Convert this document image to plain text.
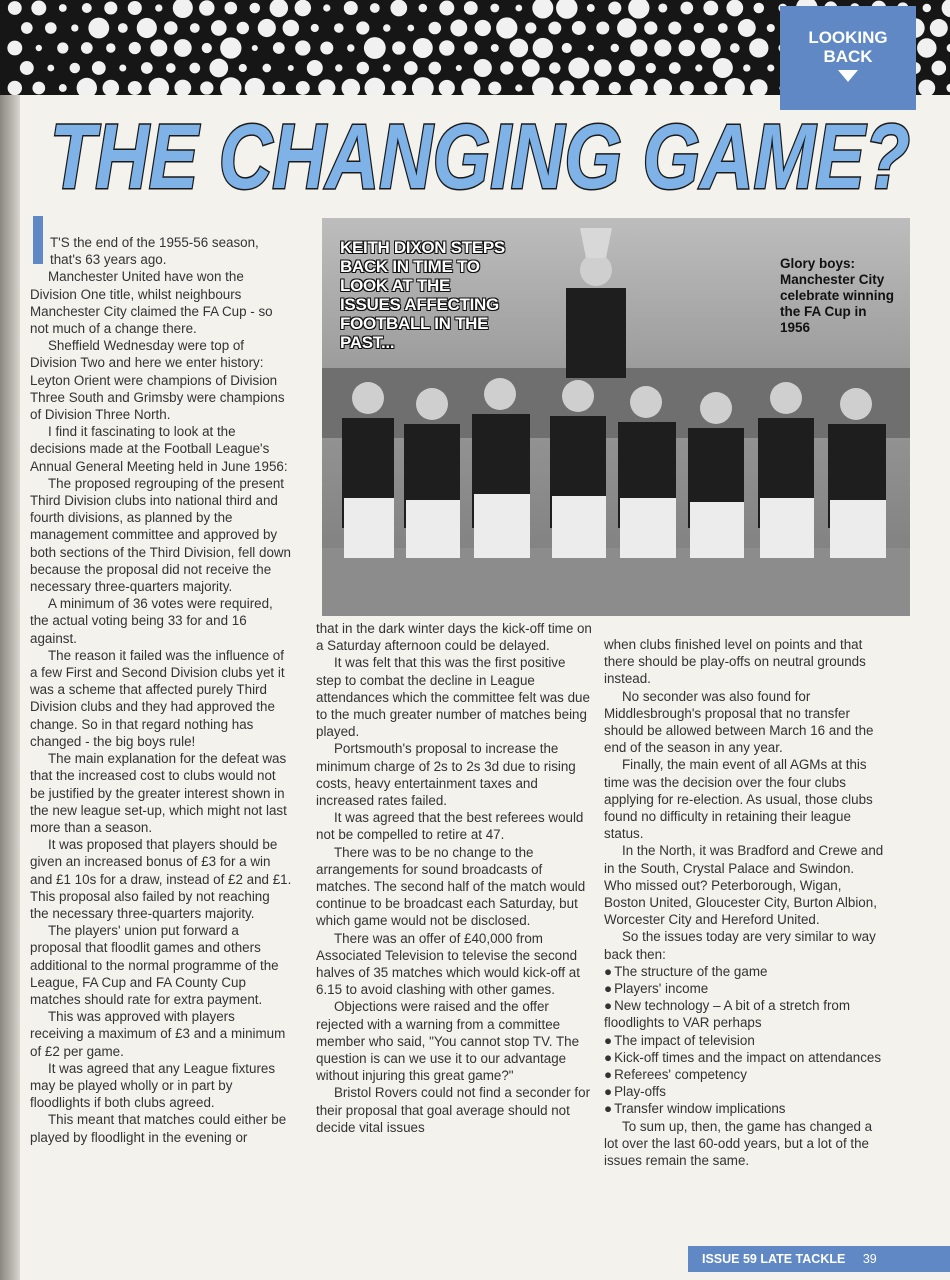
LOOKING
BACK
THE CHANGING GAME?
KEITH DIXON STEPS
BACK IN TIME TO
LOOK AT THE
ISSUES AFFECTING
FOOTBALL IN THE PAST...
Glory boys: Manchester City celebrate winning the FA Cup in 1956

T'S the end of the 1955-56 season, that's 63 years ago.

Manchester United have won the Division One title, whilst neighbours Manchester City claimed the FA Cup - so not much of a change there.

Sheffield Wednesday were top of Division Two and here we enter history: Leyton Orient were champions of Division Three South and Grimsby were champions of Division Three North.

I find it fascinating to look at the decisions made at the Football League's Annual General Meeting held in June 1956:

The proposed regrouping of the present Third Division clubs into national third and fourth divisions, as planned by the management committee and approved by both sections of the Third Division, fell down because the proposal did not receive the necessary three-quarters majority.

A minimum of 36 votes were required, the actual voting being 33 for and 16 against.

The reason it failed was the influence of a few First and Second Division clubs yet it was a scheme that affected purely Third Division clubs and they had approved the change. So in that regard nothing has changed - the big boys rule!

The main explanation for the defeat was that the increased cost to clubs would not be justified by the greater interest shown in the new league set-up, which might not last more than a season.

It was proposed that players should be given an increased bonus of £3 for a win and £1 10s for a draw, instead of £2 and £1. This proposal also failed by not reaching the necessary three-quarters majority.

The players' union put forward a proposal that floodlit games and others additional to the normal programme of the League, FA Cup and FA County Cup matches should rate for extra payment.

This was approved with players receiving a maximum of £3 and a minimum of £2 per game.

It was agreed that any League fixtures may be played wholly or in part by floodlights if both clubs agreed.

This meant that matches could either be played by floodlight in the evening or

that in the dark winter days the kick-off time on a Saturday afternoon could be delayed.

It was felt that this was the first positive step to combat the decline in League attendances which the committee felt was due to the much greater number of matches being played.

Portsmouth's proposal to increase the minimum charge of 2s to 2s 3d due to rising costs, heavy entertainment taxes and increased rates failed.

It was agreed that the best referees would not be compelled to retire at 47.

There was to be no change to the arrangements for sound broadcasts of matches. The second half of the match would continue to be broadcast each Saturday, but which game would not be disclosed.

There was an offer of £40,000 from Associated Television to televise the second halves of 35 matches which would kick-off at 6.15 to avoid clashing with other games.

Objections were raised and the offer rejected with a warning from a committee member who said, "You cannot stop TV. The question is can we use it to our advantage without injuring this great game?"

Bristol Rovers could not find a seconder for their proposal that goal average should not decide vital issues

when clubs finished level on points and that there should be play-offs on neutral grounds instead.

No seconder was also found for Middlesbrough's proposal that no transfer should be allowed between March 16 and the end of the season in any year.

Finally, the main event of all AGMs at this time was the decision over the four clubs applying for re-election. As usual, those clubs found no difficulty in retaining their league status.

In the North, it was Bradford and Crewe and in the South, Crystal Palace and Swindon. Who missed out? Peterborough, Wigan, Boston United, Gloucester City, Burton Albion, Worcester City and Hereford United.

So the issues today are very similar to way back then:

● The structure of the game

● Players' income

● New technology – A bit of a stretch from floodlights to VAR perhaps

● The impact of television

● Kick-off times and the impact on attendances

● Referees' competency

● Play-offs

● Transfer window implications

To sum up, then, the game has changed a lot over the last 60-odd years, but a lot of the issues remain the same.

ISSUE 59 LATE TACKLE 39
